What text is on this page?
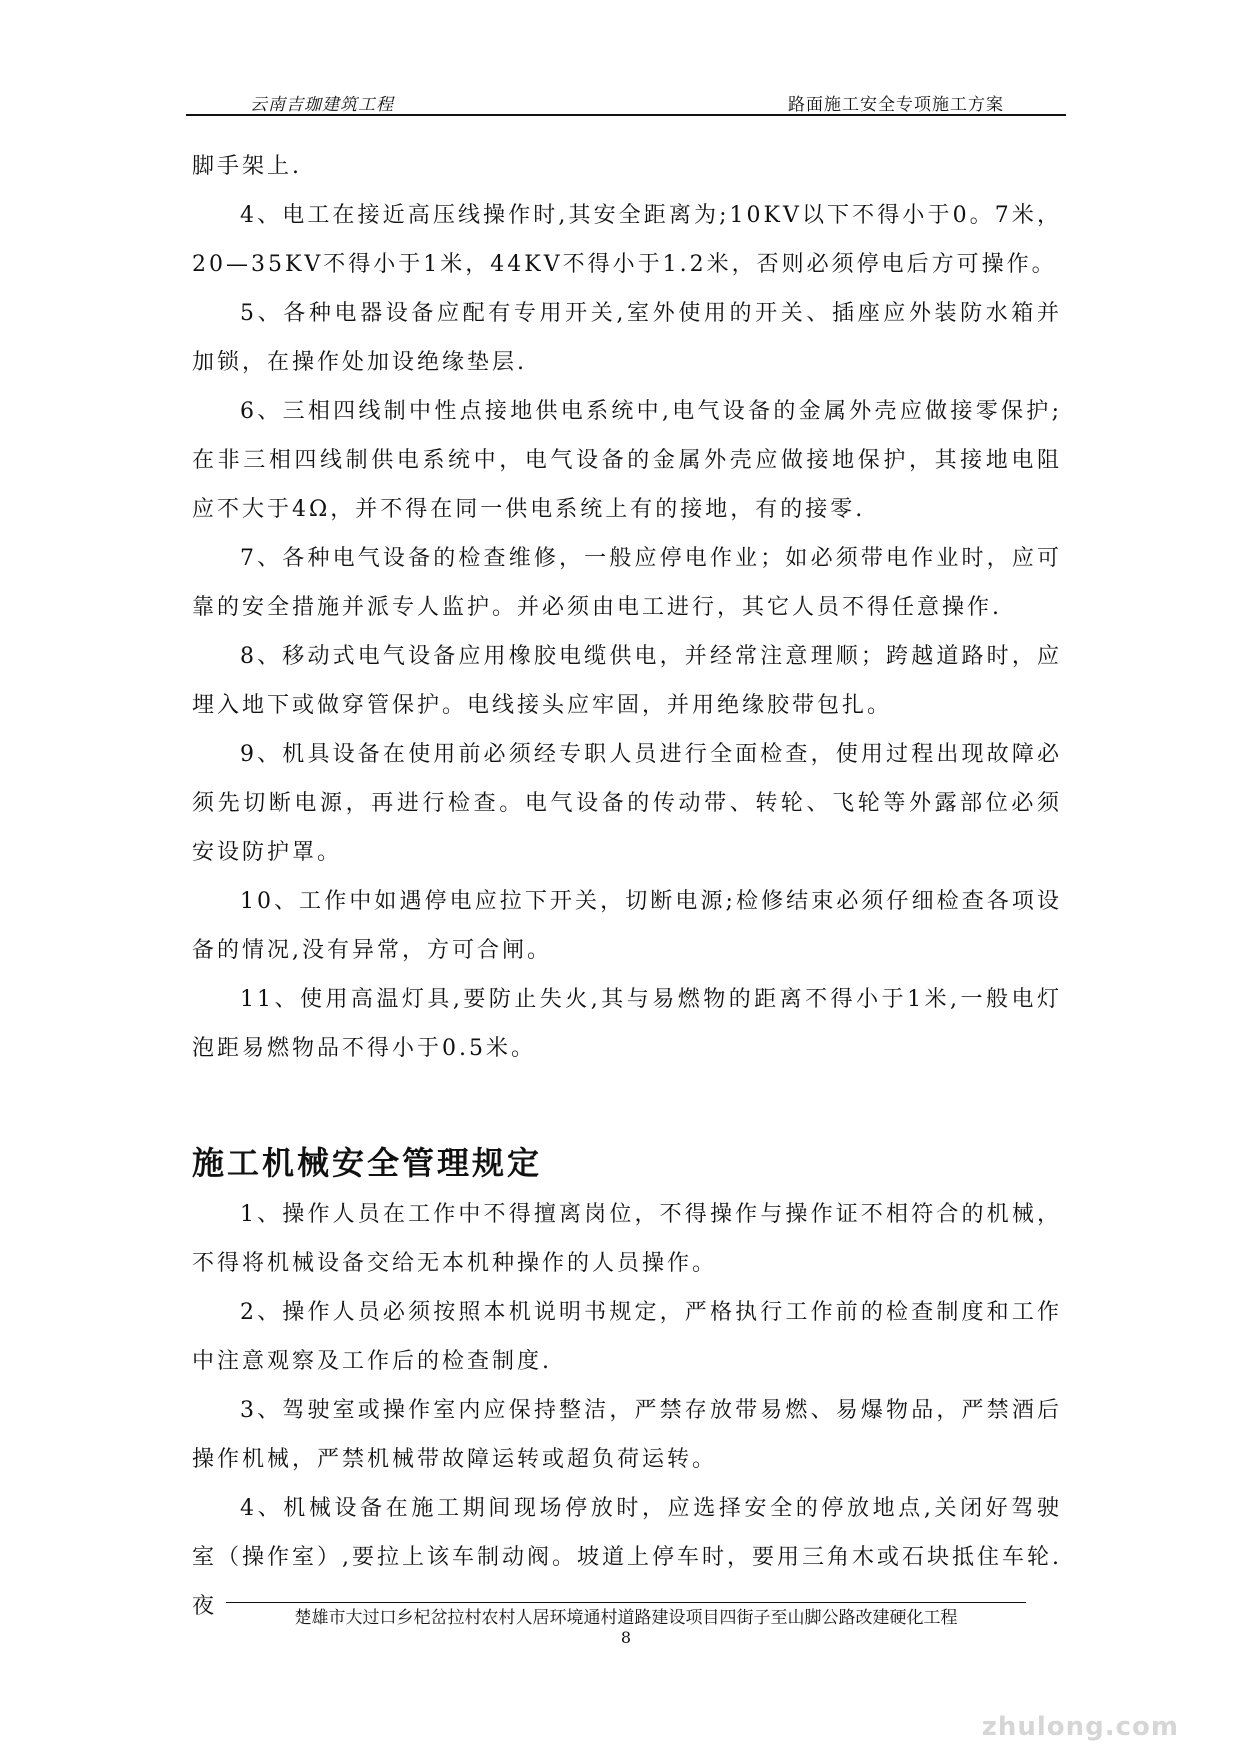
云南吉珈建筑工程	路面施工安全专项施工方案

脚手架上.

4、电工在接近高压线操作时,其安全距离为;10KV以下不得小于0。7米，20—35KV不得小于1米，44KV不得小于1.2米，否则必须停电后方可操作。

5、各种电器设备应配有专用开关,室外使用的开关、插座应外装防水箱并加锁，在操作处加设绝缘垫层.

6、三相四线制中性点接地供电系统中,电气设备的金属外壳应做接零保护;在非三相四线制供电系统中，电气设备的金属外壳应做接地保护，其接地电阻应不大于4Ω，并不得在同一供电系统上有的接地，有的接零.

7、各种电气设备的检查维修，一般应停电作业；如必须带电作业时，应可靠的安全措施并派专人监护。并必须由电工进行，其它人员不得任意操作.

8、移动式电气设备应用橡胶电缆供电，并经常注意理顺；跨越道路时，应埋入地下或做穿管保护。电线接头应牢固，并用绝缘胶带包扎。

9、机具设备在使用前必须经专职人员进行全面检查，使用过程出现故障必须先切断电源，再进行检查。电气设备的传动带、转轮、飞轮等外露部位必须安设防护罩。

10、工作中如遇停电应拉下开关，切断电源;检修结束必须仔细检查各项设备的情况,没有异常，方可合闸。

11、使用高温灯具,要防止失火,其与易燃物的距离不得小于1米,一般电灯泡距易燃物品不得小于0.5米。

施工机械安全管理规定

1、操作人员在工作中不得擅离岗位，不得操作与操作证不相符合的机械，不得将机械设备交给无本机种操作的人员操作。

2、操作人员必须按照本机说明书规定，严格执行工作前的检查制度和工作中注意观察及工作后的检查制度.

3、驾驶室或操作室内应保持整洁，严禁存放带易燃、易爆物品，严禁酒后操作机械，严禁机械带故障运转或超负荷运转。

4、机械设备在施工期间现场停放时，应选择安全的停放地点,关闭好驾驶室（操作室）,要拉上该车制动阀。坡道上停车时，要用三角木或石块抵住车轮.夜	楚雄市大过口乡杞岔拉村农村人居环境通村道路建设项目四街子至山脚公路改建硬化工程
8
zhulong.com
